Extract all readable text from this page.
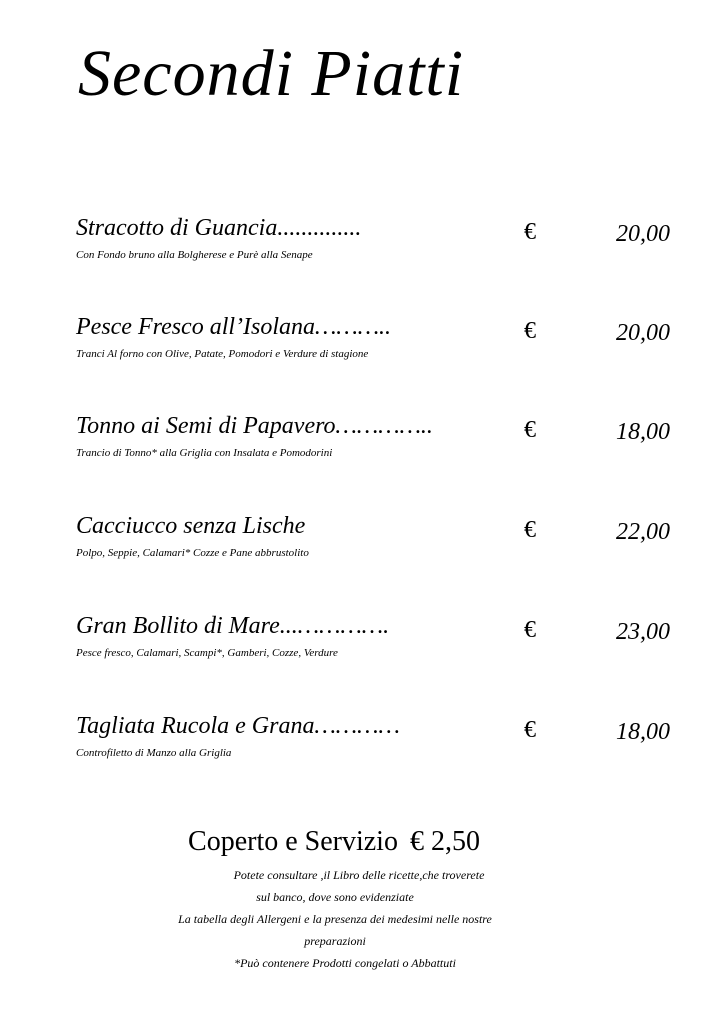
Secondi Piatti
Stracotto di Guancia..............
Con Fondo bruno alla Bolgherese e Purè alla Senape
€	20,00
Pesce Fresco all’Isolana………..
Tranci Al forno con Olive, Patate, Pomodori e Verdure di stagione
€	20,00
Tonno ai Semi di Papavero…………..
Trancio di Tonno* alla Griglia con Insalata e Pomodorini
€	18,00
Cacciucco senza Lische
Polpo, Seppie, Calamari* Cozze e Pane abbrustolito
€	22,00
Gran Bollito di Mare...………….
Pesce fresco, Calamari, Scampi*, Gamberi, Cozze, Verdure
€	23,00
Tagliata Rucola e Grana…………
Controfiletto di Manzo alla Griglia
€	18,00
Coperto e Servizio € 2,50

Potete consultare ,il Libro delle ricette,che troverete

sul banco, dove sono evidenziate

La tabella degli Allergeni e la presenza dei medesimi nelle nostre

preparazioni

*Può contenere Prodotti congelati o Abbattuti
